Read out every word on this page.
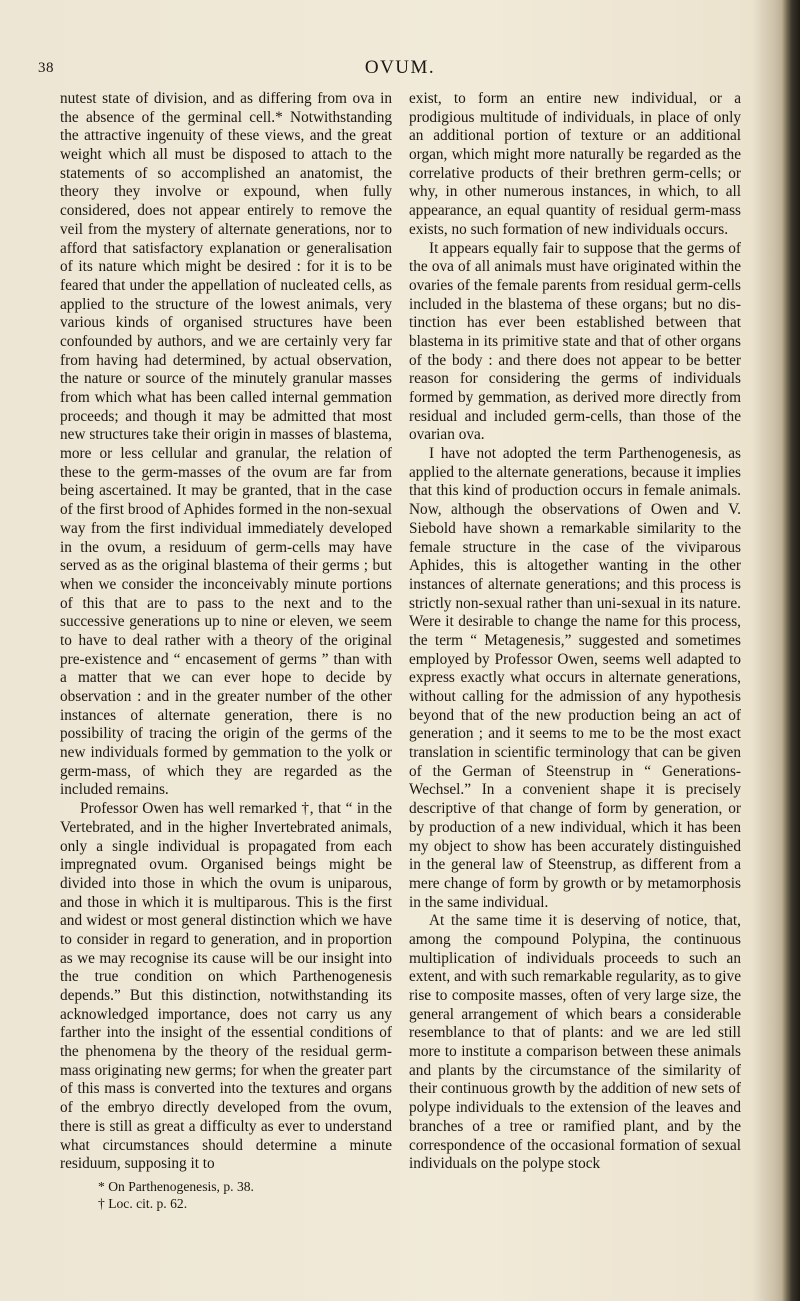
38	OVUM.

nutest state of division, and as differing from ova in the absence of the germinal cell.* Notwithstanding the attractive ingenuity of these views, and the great weight which all must be disposed to attach to the statements of so accomplished an anatomist, the theory they involve or expound, when fully considered, does not appear entirely to remove the veil from the mystery of alternate generations, nor to afford that satisfactory explanation or generalisation of its nature which might be desired : for it is to be feared that under the appellation of nucleated cells, as applied to the structure of the lowest animals, very various kinds of organised structures have been confounded by authors, and we are certainly very far from having had determined, by actual observation, the nature or source of the minutely granular masses from which what has been called internal gemmation proceeds; and though it may be admitted that most new structures take their origin in masses of blastema, more or less cellular and granular, the relation of these to the germ-masses of the ovum are far from being ascertained. It may be granted, that in the case of the first brood of Aphides formed in the non-sexual way from the first individual immediately developed in the ovum, a residuum of germ-cells may have served as as the original blastema of their germs ; but when we consider the inconceivably minute portions of this that are to pass to the next and to the successive generations up to nine or eleven, we seem to have to deal rather with a theory of the original pre-existence and “ encasement of germs ” than with a matter that we can ever hope to decide by observation : and in the greater number of the other instances of alternate generation, there is no possibility of tracing the origin of the germs of the new individuals formed by gemmation to the yolk or germ-mass, of which they are regarded as the included remains.

Professor Owen has well remarked †, that “ in the Vertebrated, and in the higher Invertebrated animals, only a single individual is propagated from each impregnated ovum. Organised beings might be divided into those in which the ovum is uniparous, and those in which it is multiparous. This is the first and widest or most general distinction which we have to consider in regard to generation, and in proportion as we may recognise its cause will be our insight into the true condition on which Parthenogenesis depends.” But this distinction, notwithstanding its acknowledged importance, does not carry us any farther into the insight of the essential conditions of the phenomena by the theory of the residual germ-mass originating new germs; for when the greater part of this mass is converted into the textures and organs of the embryo directly developed from the ovum, there is still as great a difficulty as ever to understand what circumstances should determine a minute residuum, supposing it to

* On Parthenogenesis, p. 38.
† Loc. cit. p. 62.

exist, to form an entire new individual, or a prodigious multitude of individuals, in place of only an additional portion of texture or an additional organ, which might more naturally be regarded as the correlative products of their brethren germ-cells; or why, in other numerous instances, in which, to all appearance, an equal quantity of residual germ-mass exists, no such formation of new individuals occurs.

It appears equally fair to suppose that the germs of the ova of all animals must have originated within the ovaries of the female parents from residual germ-cells included in the blastema of these organs; but no distinction has ever been established between that blastema in its primitive state and that of other organs of the body : and there does not appear to be better reason for considering the germs of individuals formed by gemmation, as derived more directly from residual and included germ-cells, than those of the ovarian ova.

I have not adopted the term Parthenogenesis, as applied to the alternate generations, because it implies that this kind of production occurs in female animals. Now, although the observations of Owen and V. Siebold have shown a remarkable similarity to the female structure in the case of the viviparous Aphides, this is altogether wanting in the other instances of alternate generations; and this process is strictly non-sexual rather than uni-sexual in its nature. Were it desirable to change the name for this process, the term “ Metagenesis,” suggested and sometimes employed by Professor Owen, seems well adapted to express exactly what occurs in alternate generations, without calling for the admission of any hypothesis beyond that of the new production being an act of generation ; and it seems to me to be the most exact translation in scientific terminology that can be given of the German of Steenstrup in “ Generations-Wechsel.” In a convenient shape it is precisely descriptive of that change of form by generation, or by production of a new individual, which it has been my object to show has been accurately distinguished in the general law of Steenstrup, as different from a mere change of form by growth or by metamorphosis in the same individual.

At the same time it is deserving of notice, that, among the compound Polypina, the continuous multiplication of individuals proceeds to such an extent, and with such remarkable regularity, as to give rise to composite masses, often of very large size, the general arrangement of which bears a considerable resemblance to that of plants: and we are led still more to institute a comparison between these animals and plants by the circumstance of the similarity of their continuous growth by the addition of new sets of polype individuals to the extension of the leaves and branches of a tree or ramified plant, and by the correspondence of the occasional formation of sexual individuals on the polype stock
